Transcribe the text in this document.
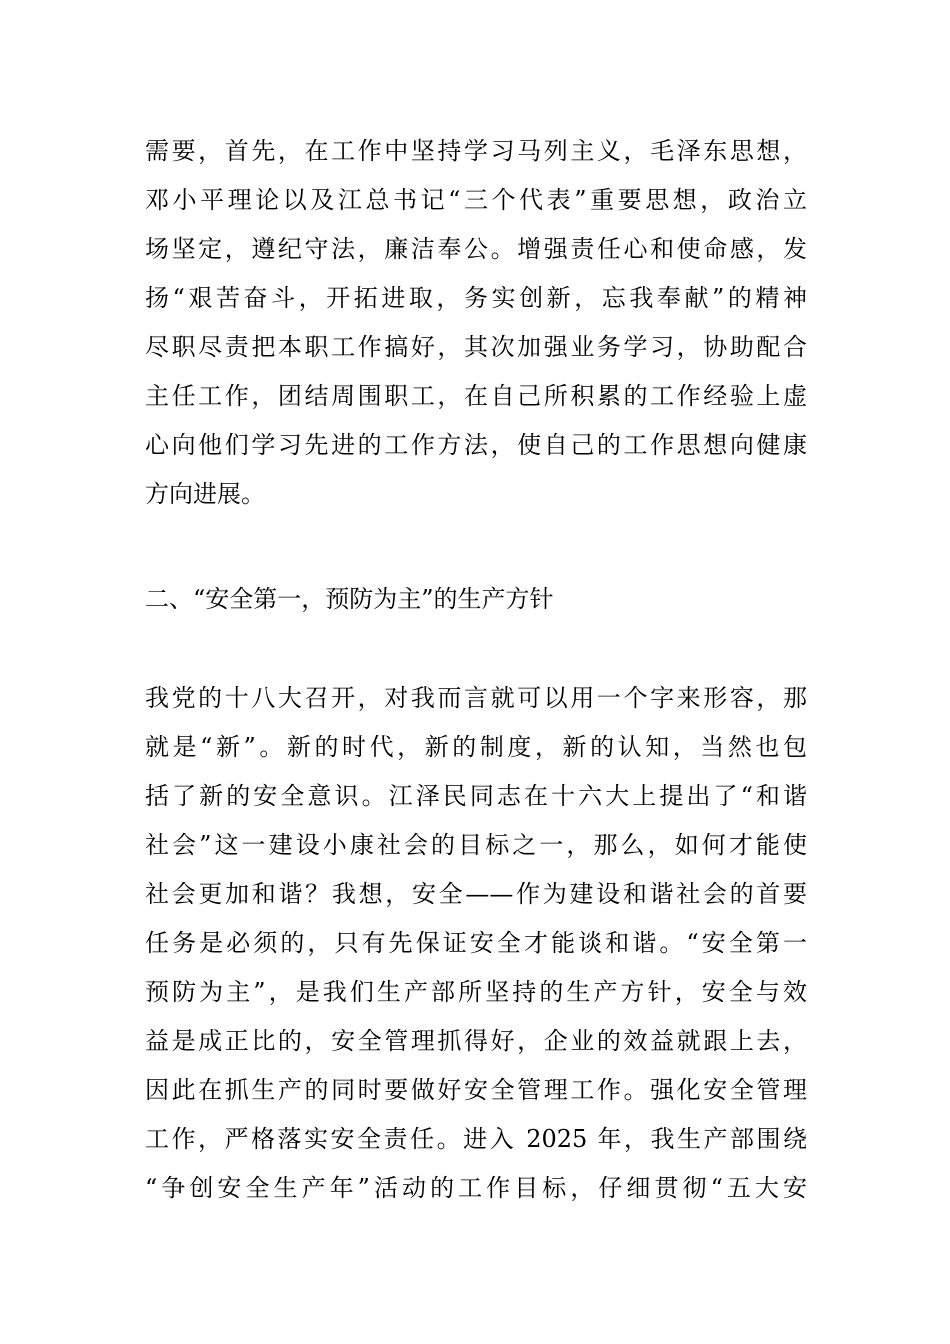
需要，首先，在工作中坚持学习马列主义，毛泽东思想，
邓小平理论以及江总书记“三个代表”重要思想，政治立
场坚定，遵纪守法，廉洁奉公。增强责任心和使命感，发
扬“艰苦奋斗，开拓进取，务实创新，忘我奉献”的精神
尽职尽责把本职工作搞好，其次加强业务学习，协助配合
主任工作，团结周围职工，在自己所积累的工作经验上虚
心向他们学习先进的工作方法，使自己的工作思想向健康
方向进展。
二、“安全第一，预防为主”的生产方针
我党的十八大召开，对我而言就可以用一个字来形容，那
就是“新”。新的时代，新的制度，新的认知，当然也包
括了新的安全意识。江泽民同志在十六大上提出了“和谐
社会”这一建设小康社会的目标之一，那么，如何才能使
社会更加和谐？我想，安全——作为建设和谐社会的首要
任务是必须的，只有先保证安全才能谈和谐。“安全第一
预防为主”，是我们生产部所坚持的生产方针，安全与效
益是成正比的，安全管理抓得好，企业的效益就跟上去，
因此在抓生产的同时要做好安全管理工作。强化安全管理
工作，严格落实安全责任。进入 2025 年，我生产部围绕
“争创安全生产年”活动的工作目标，仔细贯彻“五大安
